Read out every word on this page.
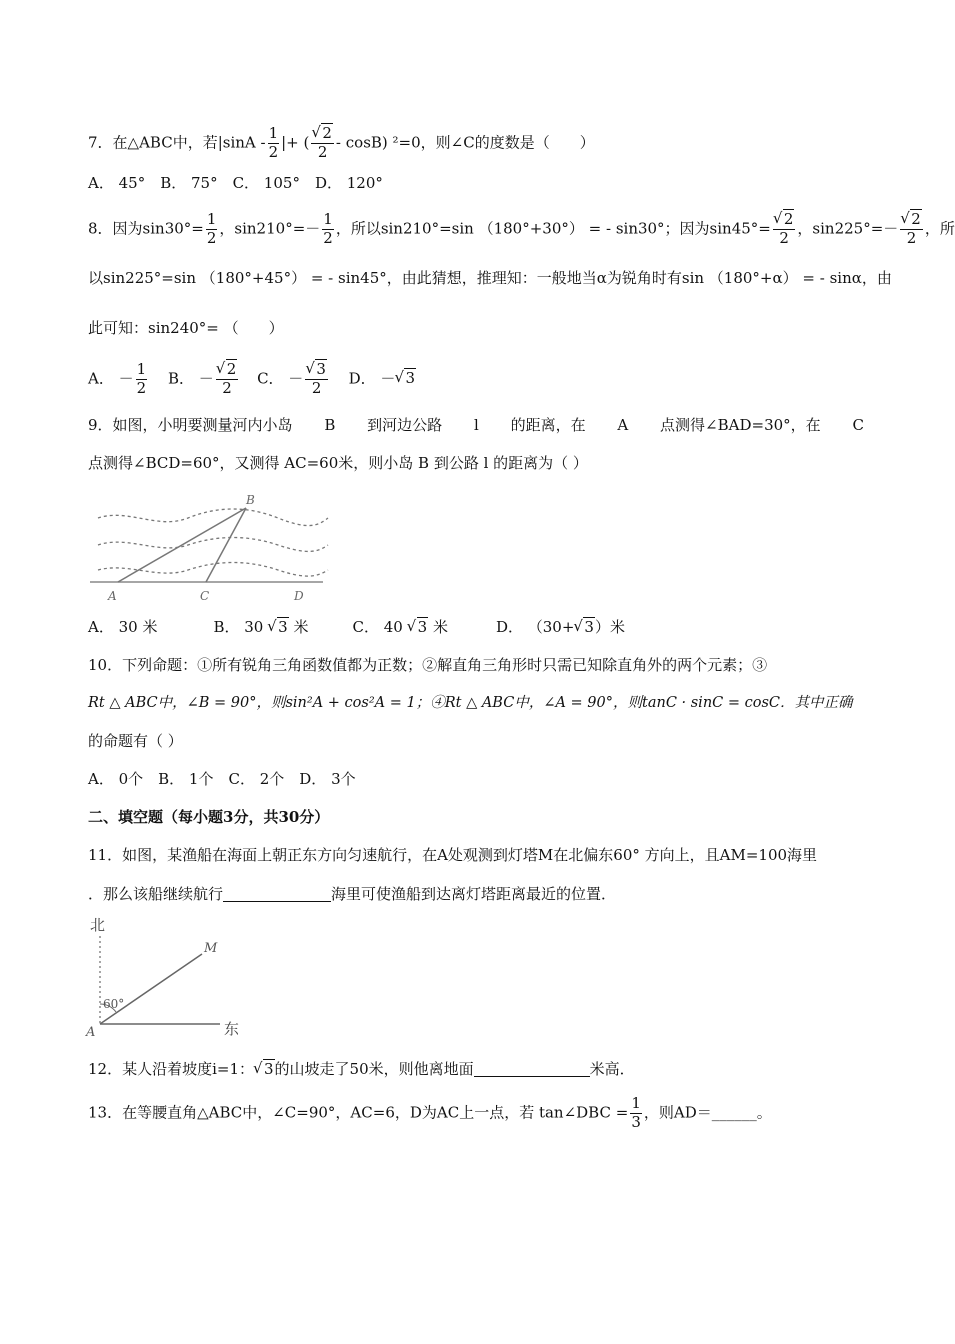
7．在△ABC中，若$|\sin A - \frac{1}{2}$ |+ ( √ $\frac{2}{2} - \cos B$) ²=0，则∠C的度数是（　　）
A． 45°　B． 75°　C． 105°　D． 120°
8．因为$\sin 30^\circ= \frac{1}{2}$ ，$\sin 210^\circ=- \frac{1}{2}$ ，所以sin210°=sin （180°+30°） = - sin30°；因为sin45°= √ $\frac{2}{2}$ ，sin225°=－ √ $\frac{2}{2}$ ，所
以sin225°=sin （180°+45°） = - sin45°，由此猜想，推理知：一般地当α为锐角时有sin （180°+α） = - sinα，由
此可知：sin240°= （　　）
A． － $\frac{1}{2}$ B． － √ $\frac{2}{2}$ C． － √ $\frac{3}{2}$ D． － √ 3
9．如图，小明要测量河内小岛 B 到河边公路 l 的距离，在 A 点测得∠BAD=30°，在 C
点测得∠BCD=60°，又测得 AC=60米，则小岛 B 到公路 l 的距离为（ ）
B
A	C	D
A． 30 米	B． 30 √ 3 米	C． 40 √ 3 米	D． （30+ √ 3）米
10．下列命题：①所有锐角三角函数值都为正数；②解直角三角形时只需已知除直角外的两个元素；③
Rt △ ABC中，∠B = 90°，则sin²A + cos²A = 1；④Rt △ ABC中，∠A = 90°，则tanC · sinC = cosC．其中正确
的命题有（ ）
A． 0个　B． 1个　C． 2个　D． 3个
二、填空题（每小题3分，共30分）
11．如图，某渔船在海面上朝正东方向匀速航行，在A处观测到灯塔M在北偏东60° 方向上，且AM=100海里
．那么该船继续航行	海里可使渔船到达离灯塔距离最近的位置．
北
60°
M
A	东
12．某人沿着坡度i=1： √ 3的山坡走了50米，则他离地面	米高．
13．在等腰直角△ABC中，∠C=90°，AC=6，D为AC上一点，若 tan∠DBC = $\frac{1}{3}$ ，则AD＝______。
